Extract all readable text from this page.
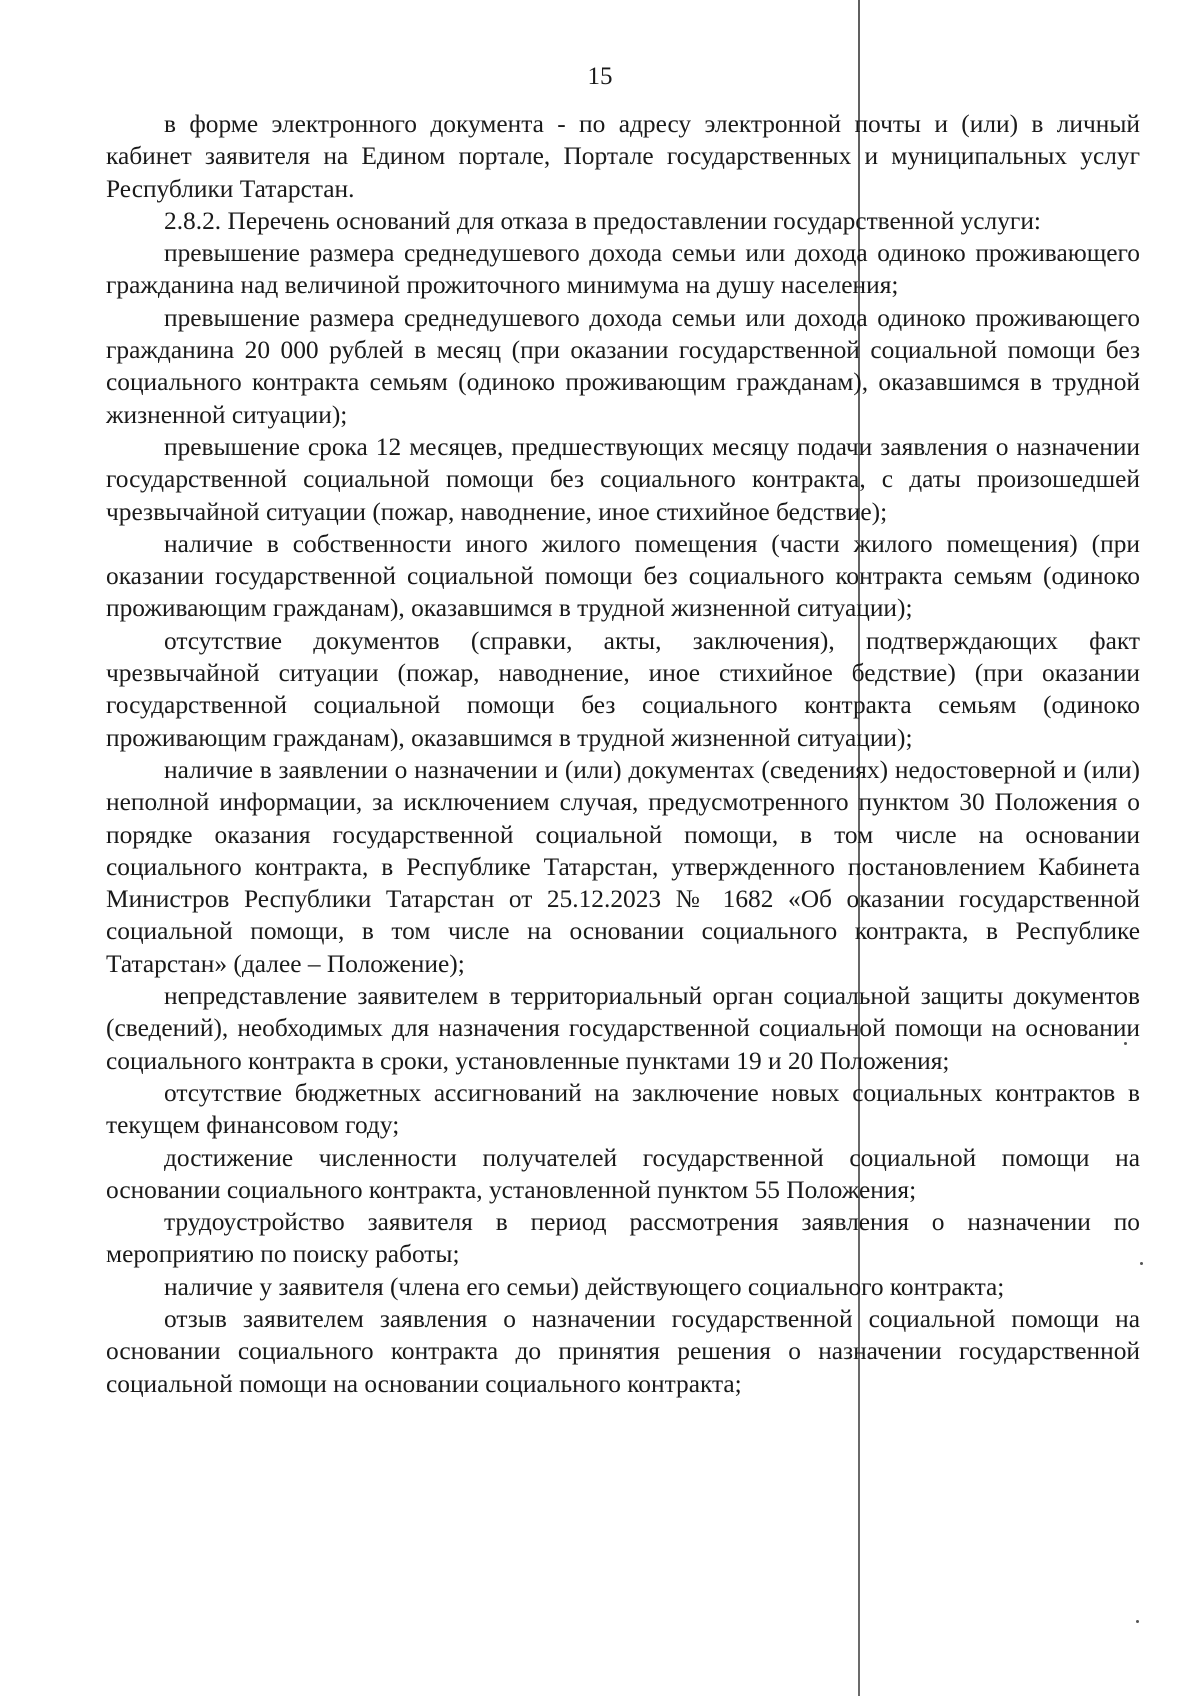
15

в форме электронного документа - по адресу электронной почты и (или) в личный кабинет заявителя на Едином портале, Портале государственных и муниципальных услуг Республики Татарстан.

2.8.2. Перечень оснований для отказа в предоставлении государственной услуги:

превышение размера среднедушевого дохода семьи или дохода одиноко проживающего гражданина над величиной прожиточного минимума на душу населения;

превышение размера среднедушевого дохода семьи или дохода одиноко проживающего гражданина 20 000 рублей в месяц (при оказании государственной социальной помощи без социального контракта семьям (одиноко проживающим гражданам), оказавшимся в трудной жизненной ситуации);

превышение срока 12 месяцев, предшествующих месяцу подачи заявления о назначении государственной социальной помощи без социального контракта, с даты произошедшей чрезвычайной ситуации (пожар, наводнение, иное стихийное бедствие);

наличие в собственности иного жилого помещения (части жилого помещения) (при оказании государственной социальной помощи без социального контракта семьям (одиноко проживающим гражданам), оказавшимся в трудной жизненной ситуации);

отсутствие документов (справки, акты, заключения), подтверждающих факт чрезвычайной ситуации (пожар, наводнение, иное стихийное бедствие) (при оказании государственной социальной помощи без социального контракта семьям (одиноко проживающим гражданам), оказавшимся в трудной жизненной ситуации);

наличие в заявлении о назначении и (или) документах (сведениях) недостоверной и (или) неполной информации, за исключением случая, предусмотренного пунктом 30 Положения о порядке оказания государственной социальной помощи, в том числе на основании социального контракта, в Республике Татарстан, утвержденного постановлением Кабинета Министров Республики Татарстан от 25.12.2023 № 1682 «Об оказании государственной социальной помощи, в том числе на основании социального контракта, в Республике Татарстан» (далее – Положение);

непредставление заявителем в территориальный орган социальной защиты документов (сведений), необходимых для назначения государственной социальной помощи на основании социального контракта в сроки, установленные пунктами 19 и 20 Положения;

отсутствие бюджетных ассигнований на заключение новых социальных контрактов в текущем финансовом году;

достижение численности получателей государственной социальной помощи на основании социального контракта, установленной пунктом 55 Положения;

трудоустройство заявителя в период рассмотрения заявления о назначении по мероприятию по поиску работы;

наличие у заявителя (члена его семьи) действующего социального контракта;

отзыв заявителем заявления о назначении государственной социальной помощи на основании социального контракта до принятия решения о назначении государственной социальной помощи на основании социального контракта;
